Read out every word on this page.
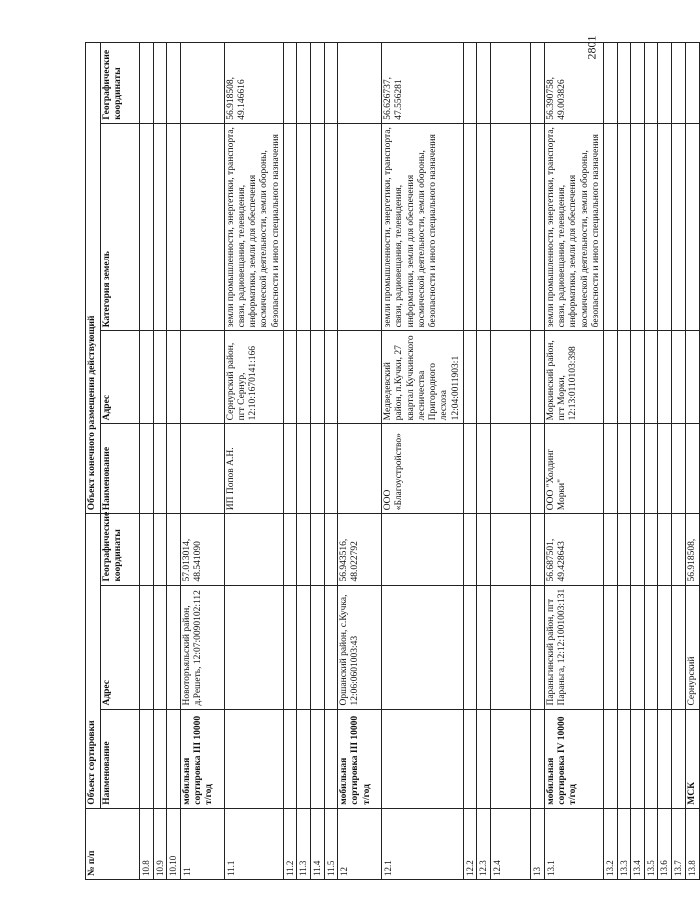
2801
№ п/п	Объект сортировки			Объект конечного размещения действующий			
	Наименование	Адрес	Географические координаты	Наименование	Адрес	Категория земель	Географические координаты
10.8							
10.9							
10.10							
11	мобильная сортировка III 10000 т/год	Новоторъяльский район, д.Решеть, 12:07:0090102:112	57.013014, 48.541090				
11.1				ИП Попов А.Н.	Сернурский район, пгт Сернур, 12:10:1670141:166	земли промышленности, энергетики, транспорта, связи, радиовещания, телевидения, информатики, земли для обеспечения космической деятельности, земли обороны, безопасности и иного специального назначения	56.918508, 49.146616
11.2							
11.3							
11.4							
11.5							
12	мобильная сортировка III 10000 т/год	Оршанский район, с.Кучка, 12:06:0601003:43	56.943516, 48.022792				
12.1				ООО «Благоустройство»	Медведевский район, п.Кучки, 27 квартал Кучкинского лесничества Пригородного лесхоза 12:04:0011903:1	земли промышленности, энергетики, транспорта, связи, радиовещания, телевидения, информатики, земли для обеспечения космической деятельности, земли обороны, безопасности и иного специального назначения	56.626737, 47.556281
12.2							
12.3							
12.4							
13							
13.1	мобильная сортировка IV 10000 т/год	Параньгинский район, пгт Параньга, 12:12:1001003:131	56.687501, 49.428643	ООО "Холдинг Морки"	Моркинский район, пгт Морки, 12:13:0110103:398	земли промышленности, энергетики, транспорта, связи, радиовещания, телевидения, информатики, земли для обеспечения космической деятельности, земли обороны, безопасности и иного специального назначения	56.390758, 49.003826
13.2							
13.3							
13.4							
13.5							
13.6							
13.7							
13.8	МСК	Сернурский	56.918508,				
